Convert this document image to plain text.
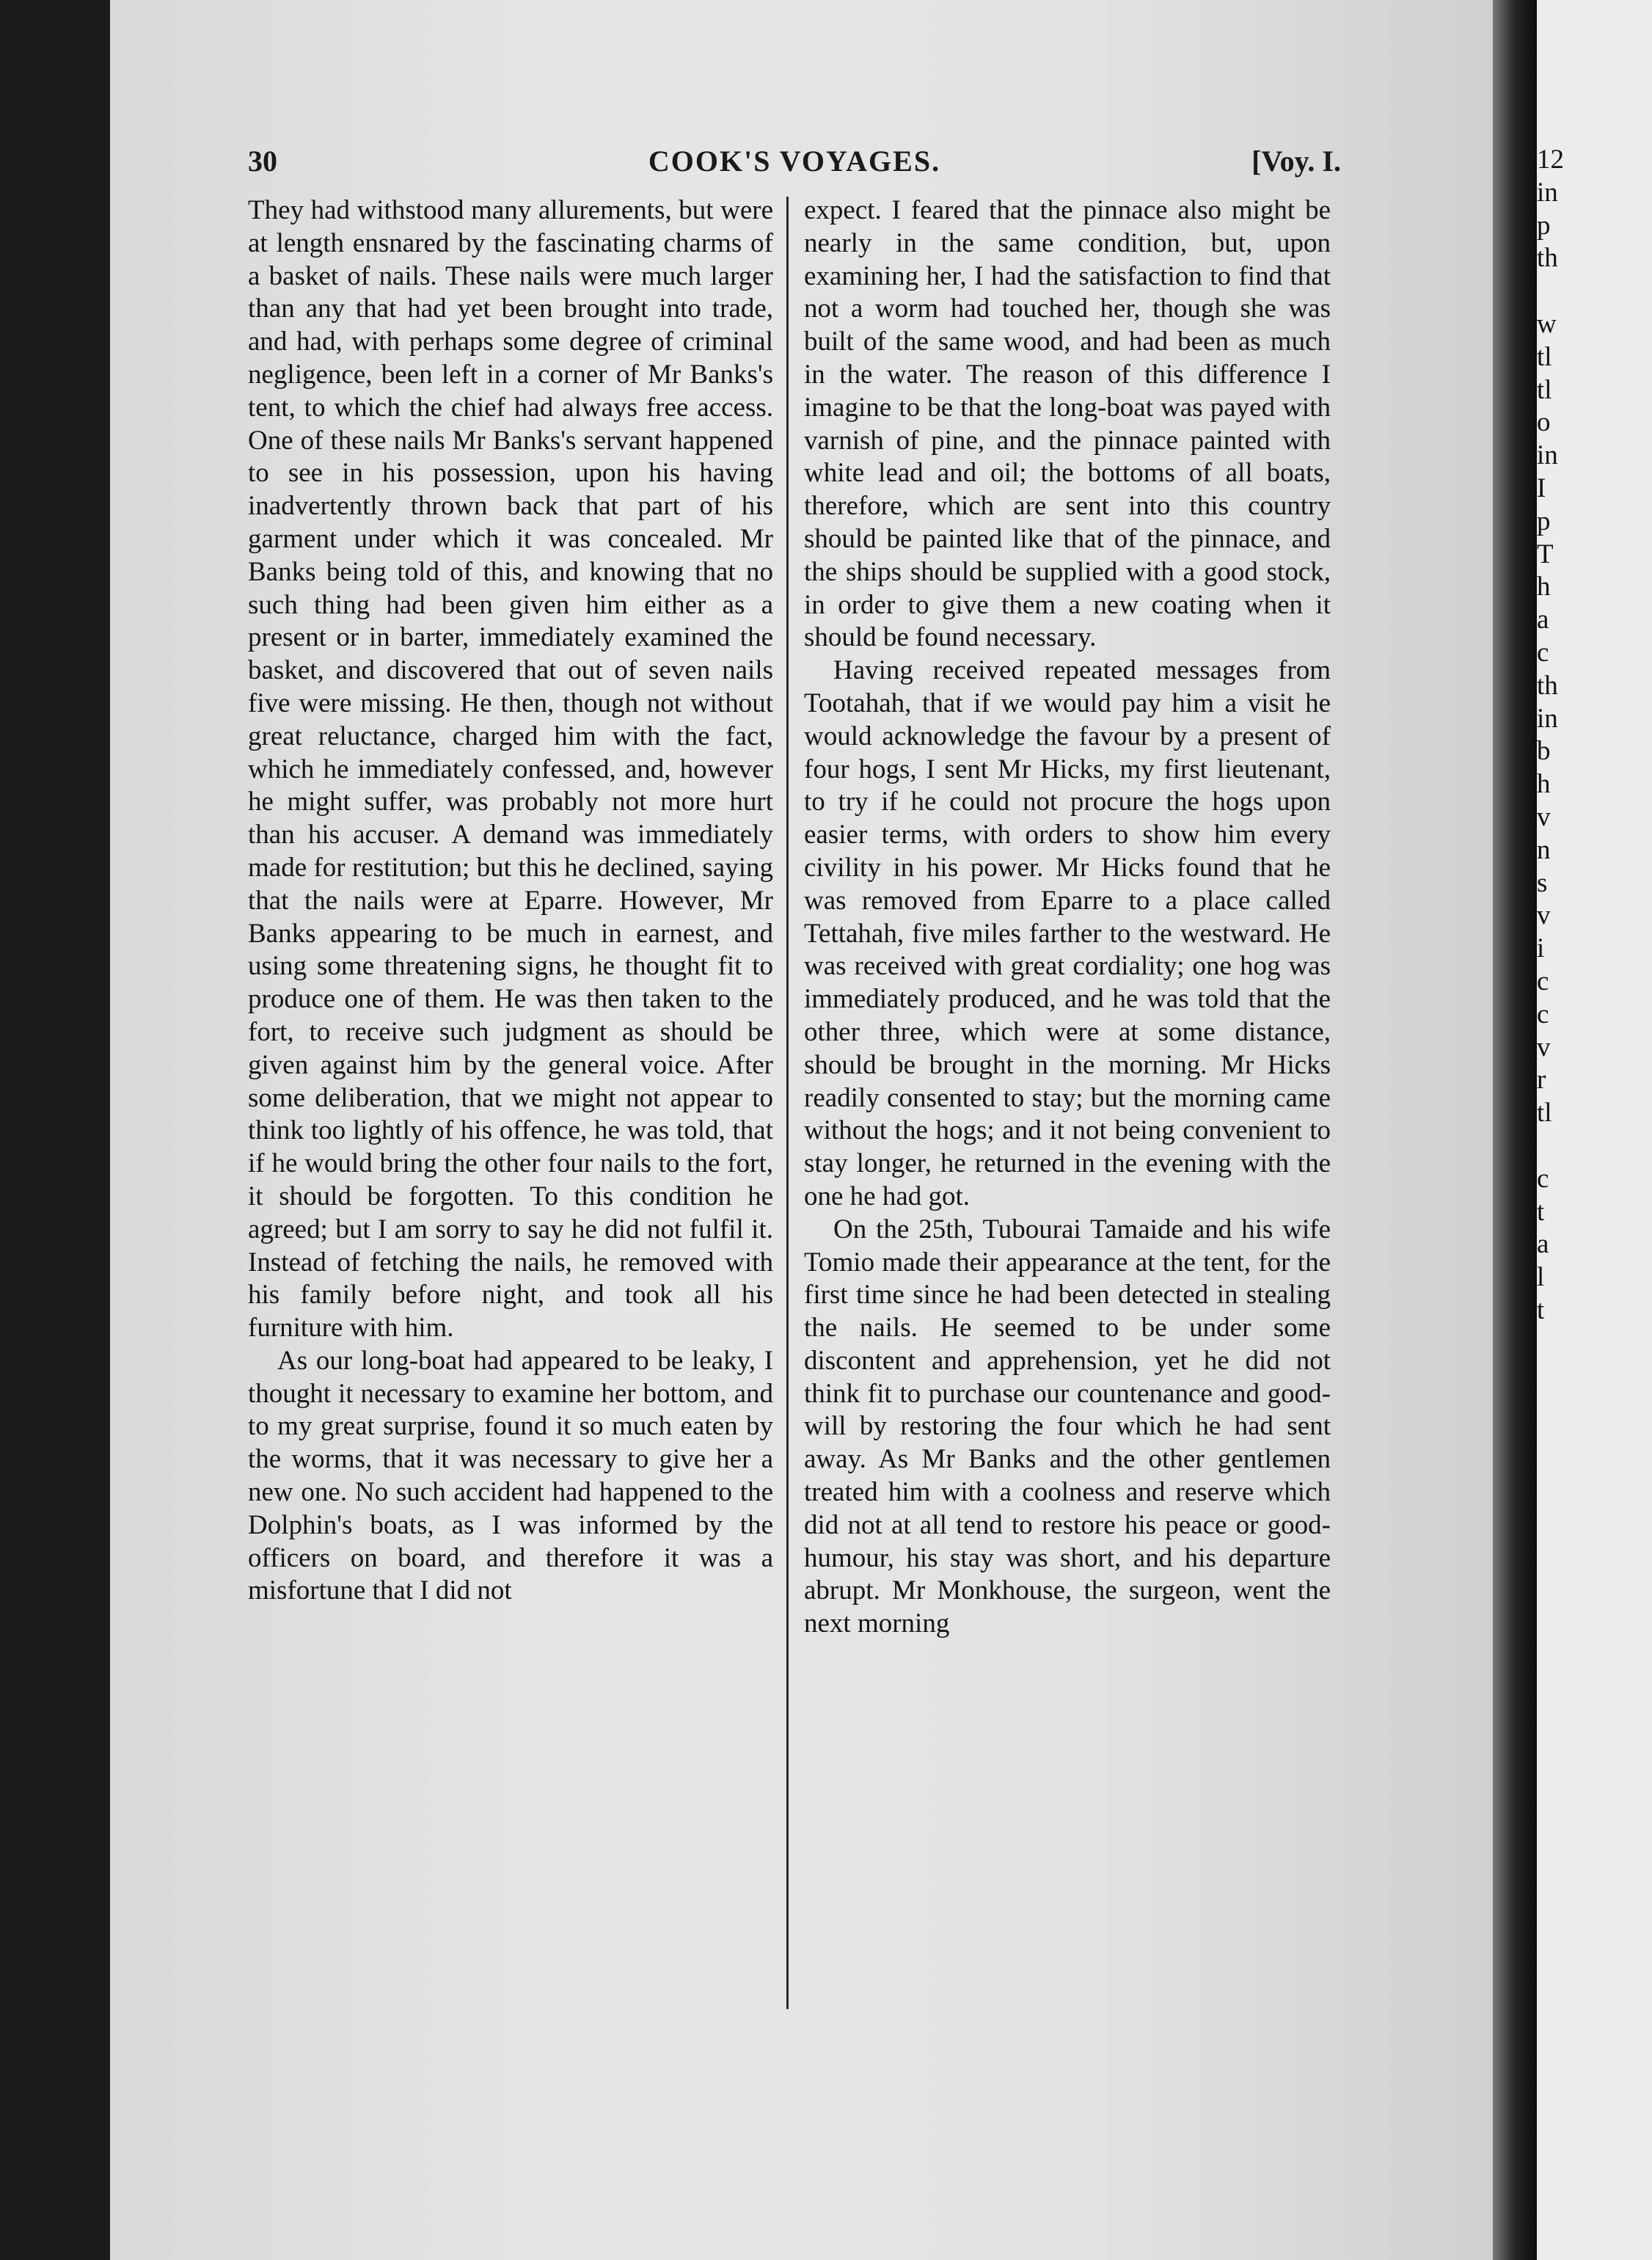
12
in
p
th
w
tl
tl
o
in
I
p
T
h
a
c
th
in
b
h
v
n
s
v
i
c
c
v
r
tl
c
t
a
l
t
30	COOK'S VOYAGES.	[Voy. I.

They had withstood many allurements, but were at length ensnared by the fascinating charms of a basket of nails. These nails were much larger than any that had yet been brought into trade, and had, with perhaps some degree of criminal negligence, been left in a corner of Mr Banks's tent, to which the chief had always free access. One of these nails Mr Banks's servant happened to see in his possession, upon his having inadvertently thrown back that part of his garment under which it was concealed. Mr Banks being told of this, and knowing that no such thing had been given him either as a present or in barter, immediately examined the basket, and discovered that out of seven nails five were missing. He then, though not without great reluctance, charged him with the fact, which he immediately confessed, and, however he might suffer, was probably not more hurt than his accuser. A demand was immediately made for restitution; but this he declined, saying that the nails were at Eparre. However, Mr Banks appearing to be much in earnest, and using some threatening signs, he thought fit to produce one of them. He was then taken to the fort, to receive such judgment as should be given against him by the general voice. After some deliberation, that we might not appear to think too lightly of his offence, he was told, that if he would bring the other four nails to the fort, it should be forgotten. To this condition he agreed; but I am sorry to say he did not fulfil it. Instead of fetching the nails, he removed with his family before night, and took all his furniture with him.

As our long-boat had appeared to be leaky, I thought it necessary to examine her bottom, and to my great surprise, found it so much eaten by the worms, that it was necessary to give her a new one. No such accident had happened to the Dolphin's boats, as I was informed by the officers on board, and therefore it was a misfortune that I did not

expect. I feared that the pinnace also might be nearly in the same condition, but, upon examining her, I had the satisfaction to find that not a worm had touched her, though she was built of the same wood, and had been as much in the water. The reason of this difference I imagine to be that the long-boat was payed with varnish of pine, and the pinnace painted with white lead and oil; the bottoms of all boats, therefore, which are sent into this country should be painted like that of the pinnace, and the ships should be supplied with a good stock, in order to give them a new coating when it should be found necessary.

Having received repeated messages from Tootahah, that if we would pay him a visit he would acknowledge the favour by a present of four hogs, I sent Mr Hicks, my first lieutenant, to try if he could not procure the hogs upon easier terms, with orders to show him every civility in his power. Mr Hicks found that he was removed from Eparre to a place called Tettahah, five miles farther to the westward. He was received with great cordiality; one hog was immediately produced, and he was told that the other three, which were at some distance, should be brought in the morning. Mr Hicks readily consented to stay; but the morning came without the hogs; and it not being convenient to stay longer, he returned in the evening with the one he had got.

On the 25th, Tubourai Tamaide and his wife Tomio made their appearance at the tent, for the first time since he had been detected in stealing the nails. He seemed to be under some discontent and apprehension, yet he did not think fit to purchase our countenance and good-will by restoring the four which he had sent away. As Mr Banks and the other gentlemen treated him with a coolness and reserve which did not at all tend to restore his peace or good-humour, his stay was short, and his departure abrupt. Mr Monkhouse, the surgeon, went the next morning
